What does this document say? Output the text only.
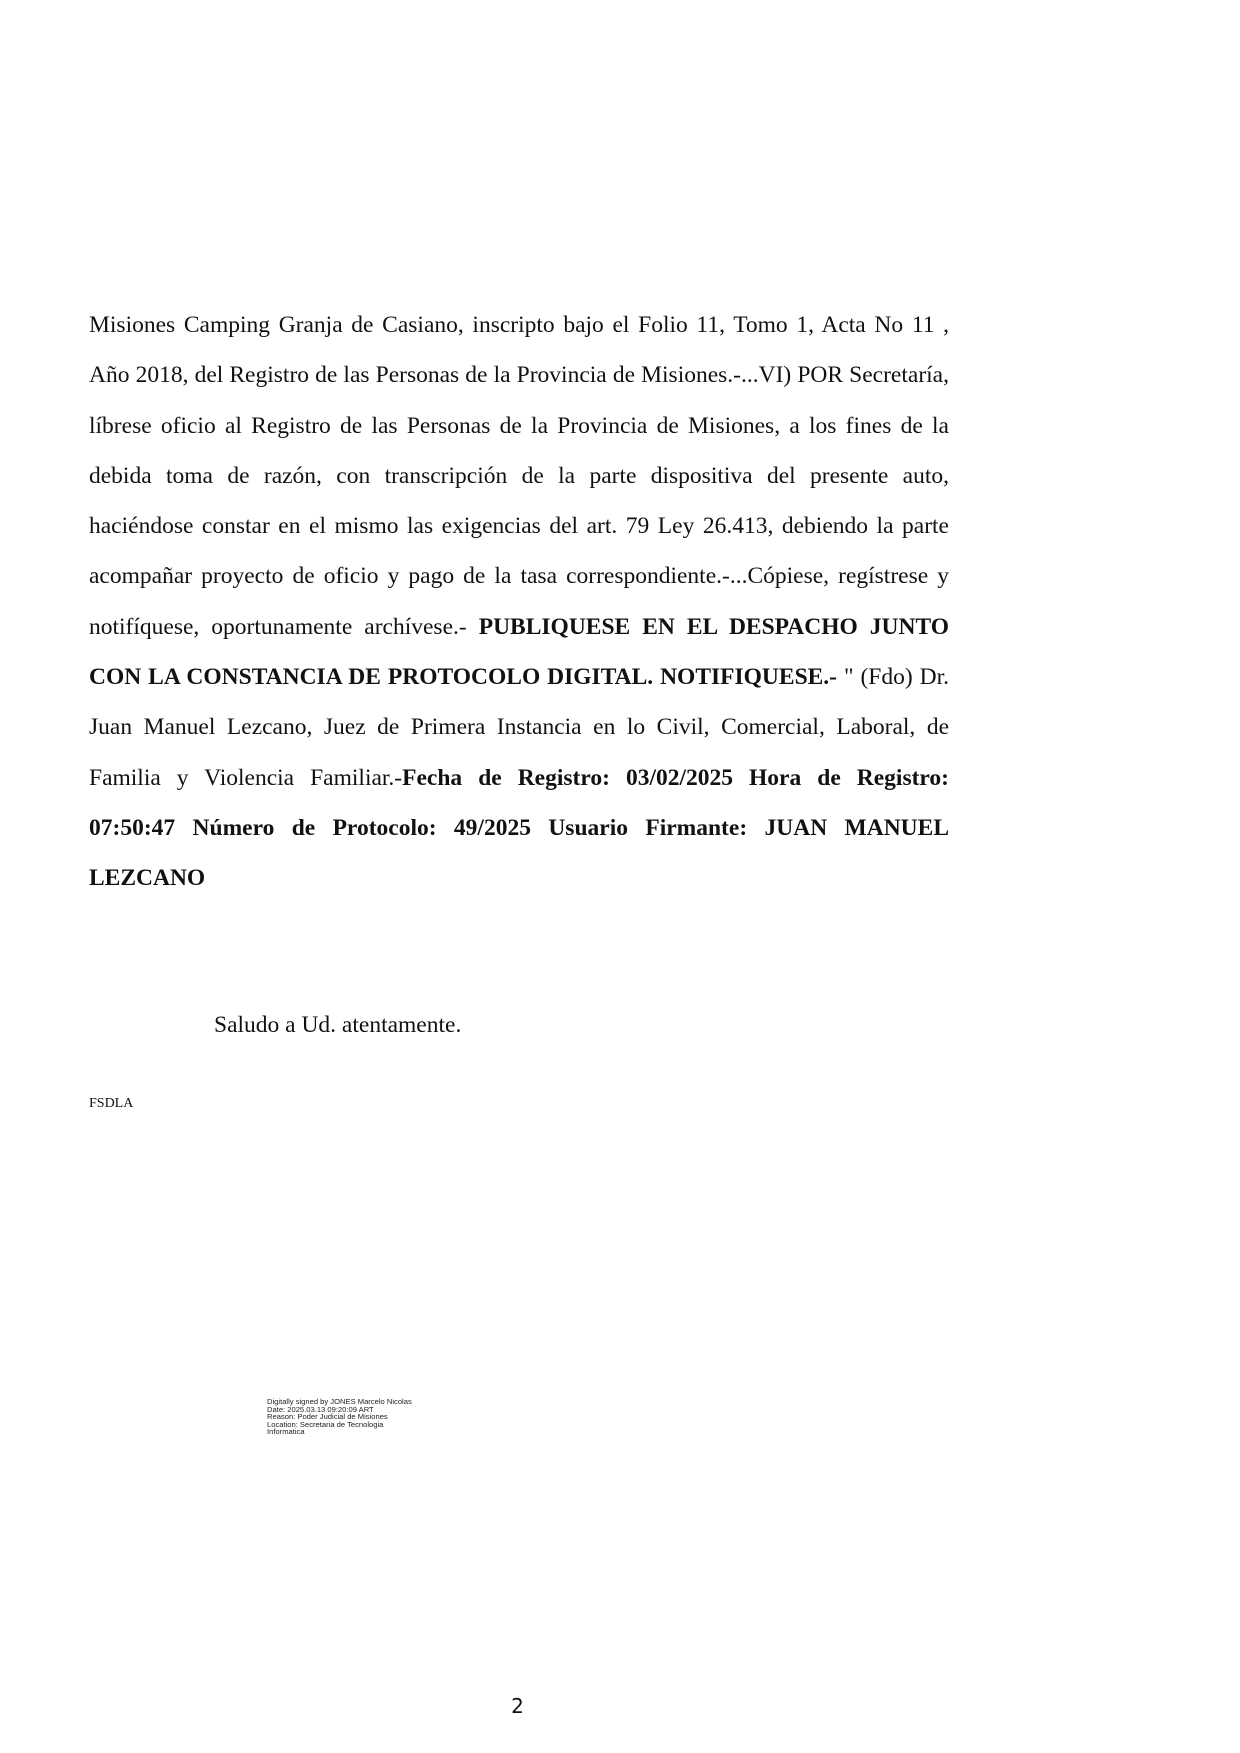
Misiones Camping Granja de Casiano, inscripto bajo el Folio 11, Tomo 1, Acta No 11 , Año 2018, del Registro de las Personas de la Provincia de Misiones.-...VI) POR Secretaría, líbrese oficio al Registro de las Personas de la Provincia de Misiones, a los fines de la debida toma de razón, con transcripción de la parte dispositiva del presente auto, haciéndose constar en el mismo las exigencias del art. 79 Ley 26.413, debiendo la parte acompañar proyecto de oficio y pago de la tasa correspondiente.-...Cópiese, regístrese y notifíquese, oportunamente archívese.- PUBLIQUESE EN EL DESPACHO JUNTO CON LA CONSTANCIA DE PROTOCOLO DIGITAL. NOTIFIQUESE.- " (Fdo) Dr. Juan Manuel Lezcano, Juez de Primera Instancia en lo Civil, Comercial, Laboral, de Familia y Violencia Familiar.-Fecha de Registro: 03/02/2025 Hora de Registro: 07:50:47 Número de Protocolo: 49/2025 Usuario Firmante: JUAN MANUEL LEZCANO

Saludo a Ud. atentamente.

FSDLA

Digitally signed by JONES Marcelo Nicolas
Date: 2025.03.13 09:20:09 ART
Reason: Poder Judicial de Misiones
Location: Secretaria de Tecnologia
Informatica
2
